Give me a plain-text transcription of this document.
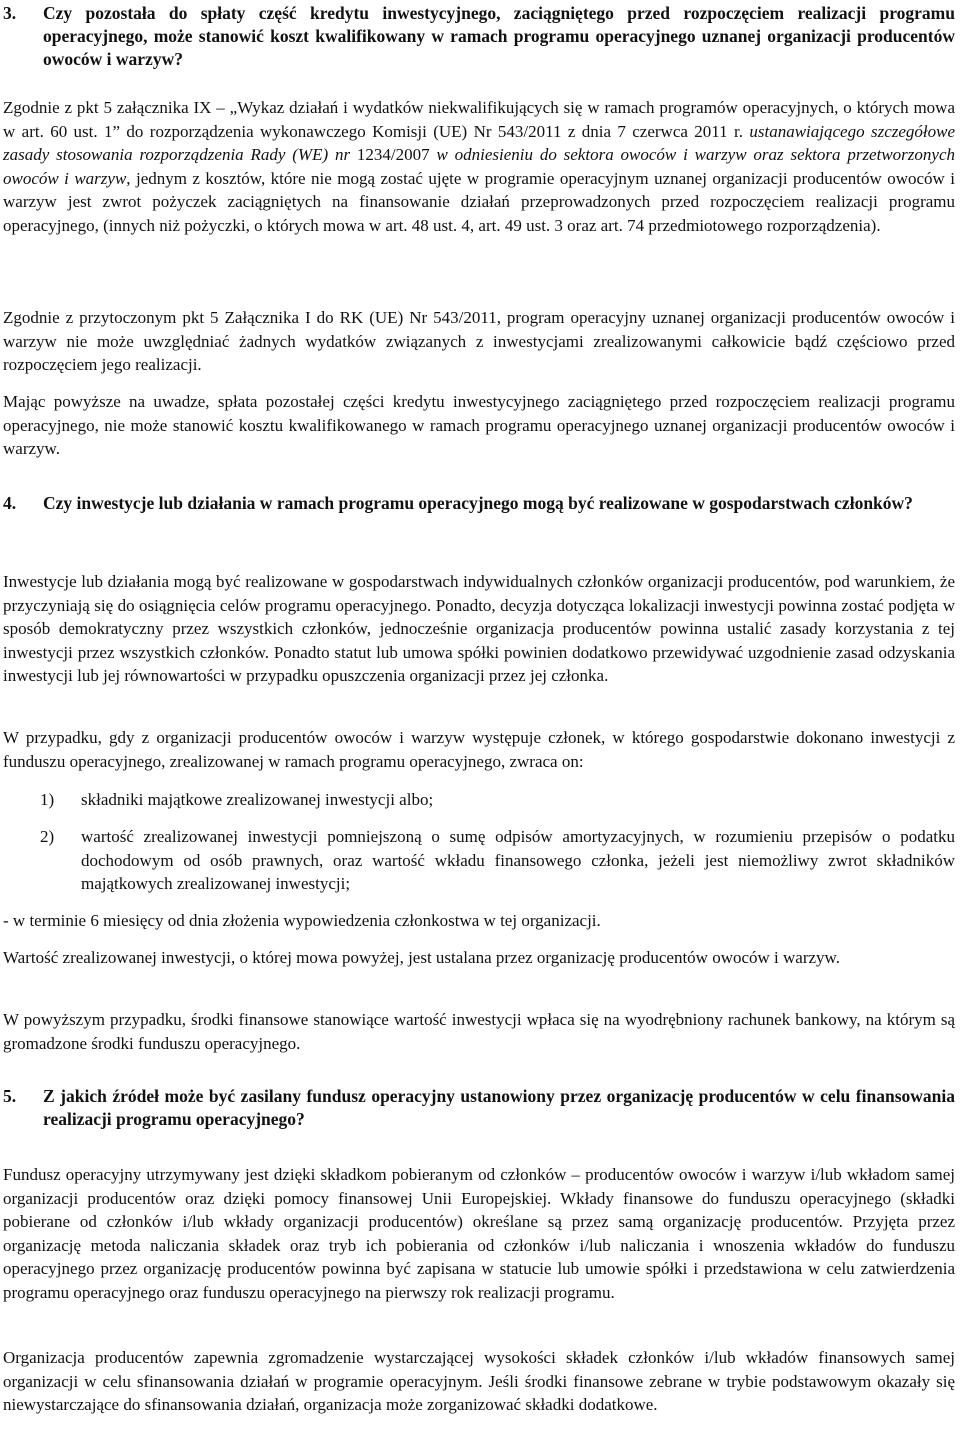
3. Czy pozostała do spłaty część kredytu inwestycyjnego, zaciągniętego przed rozpoczęciem realizacji programu operacyjnego, może stanowić koszt kwalifikowany w ramach programu operacyjnego uznanej organizacji producentów owoców i warzyw?

Zgodnie z pkt 5 załącznika IX – „Wykaz działań i wydatków niekwalifikujących się w ramach programów operacyjnych, o których mowa w art. 60 ust. 1” do rozporządzenia wykonawczego Komisji (UE) Nr 543/2011 z dnia 7 czerwca 2011 r. ustanawiającego szczegółowe zasady stosowania rozporządzenia Rady (WE) nr 1234/2007 w odniesieniu do sektora owoców i warzyw oraz sektora przetworzonych owoców i warzyw, jednym z kosztów, które nie mogą zostać ujęte w programie operacyjnym uznanej organizacji producentów owoców i warzyw jest zwrot pożyczek zaciągniętych na finansowanie działań przeprowadzonych przed rozpoczęciem realizacji programu operacyjnego, (innych niż pożyczki, o których mowa w art. 48 ust. 4, art. 49 ust. 3 oraz art. 74 przedmiotowego rozporządzenia).

Zgodnie z przytoczonym pkt 5 Załącznika I do RK (UE) Nr 543/2011, program operacyjny uznanej organizacji producentów owoców i warzyw nie może uwzględniać żadnych wydatków związanych z inwestycjami zrealizowanymi całkowicie bądź częściowo przed rozpoczęciem jego realizacji.

Mając powyższe na uwadze, spłata pozostałej części kredytu inwestycyjnego zaciągniętego przed rozpoczęciem realizacji programu operacyjnego, nie może stanowić kosztu kwalifikowanego w ramach programu operacyjnego uznanej organizacji producentów owoców i warzyw.

4. Czy inwestycje lub działania w ramach programu operacyjnego mogą być realizowane w gospodarstwach członków?

Inwestycje lub działania mogą być realizowane w gospodarstwach indywidualnych członków organizacji producentów, pod warunkiem, że przyczyniają się do osiągnięcia celów programu operacyjnego. Ponadto, decyzja dotycząca lokalizacji inwestycji powinna zostać podjęta w sposób demokratyczny przez wszystkich członków, jednocześnie organizacja producentów powinna ustalić zasady korzystania z tej inwestycji przez wszystkich członków. Ponadto statut lub umowa spółki powinien dodatkowo przewidywać uzgodnienie zasad odzyskania inwestycji lub jej równowartości w przypadku opuszczenia organizacji przez jej członka.

W przypadku, gdy z organizacji producentów owoców i warzyw występuje członek, w którego gospodarstwie dokonano inwestycji z funduszu operacyjnego, zrealizowanej w ramach programu operacyjnego, zwraca on:

1) składniki majątkowe zrealizowanej inwestycji albo;
2) wartość zrealizowanej inwestycji pomniejszoną o sumę odpisów amortyzacyjnych, w rozumieniu przepisów o podatku dochodowym od osób prawnych, oraz wartość wkładu finansowego członka, jeżeli jest niemożliwy zwrot składników majątkowych zrealizowanej inwestycji;

- w terminie 6 miesięcy od dnia złożenia wypowiedzenia członkostwa w tej organizacji.

Wartość zrealizowanej inwestycji, o której mowa powyżej, jest ustalana przez organizację producentów owoców i warzyw.

W powyższym przypadku, środki finansowe stanowiące wartość inwestycji wpłaca się na wyodrębniony rachunek bankowy, na którym są gromadzone środki funduszu operacyjnego.

5. Z jakich źródeł może być zasilany fundusz operacyjny ustanowiony przez organizację producentów w celu finansowania realizacji programu operacyjnego?

Fundusz operacyjny utrzymywany jest dzięki składkom pobieranym od członków – producentów owoców i warzyw i/lub wkładom samej organizacji producentów oraz dzięki pomocy finansowej Unii Europejskiej. Wkłady finansowe do funduszu operacyjnego (składki pobierane od członków i/lub wkłady organizacji producentów) określane są przez samą organizację producentów. Przyjęta przez organizację metoda naliczania składek oraz tryb ich pobierania od członków i/lub naliczania i wnoszenia wkładów do funduszu operacyjnego przez organizację producentów powinna być zapisana w statucie lub umowie spółki i przedstawiona w celu zatwierdzenia programu operacyjnego oraz funduszu operacyjnego na pierwszy rok realizacji programu.

Organizacja producentów zapewnia zgromadzenie wystarczającej wysokości składek członków i/lub wkładów finansowych samej organizacji w celu sfinansowania działań w programie operacyjnym. Jeśli środki finansowe zebrane w trybie podstawowym okazały się niewystarczające do sfinansowania działań, organizacja może zorganizować składki dodatkowe.
